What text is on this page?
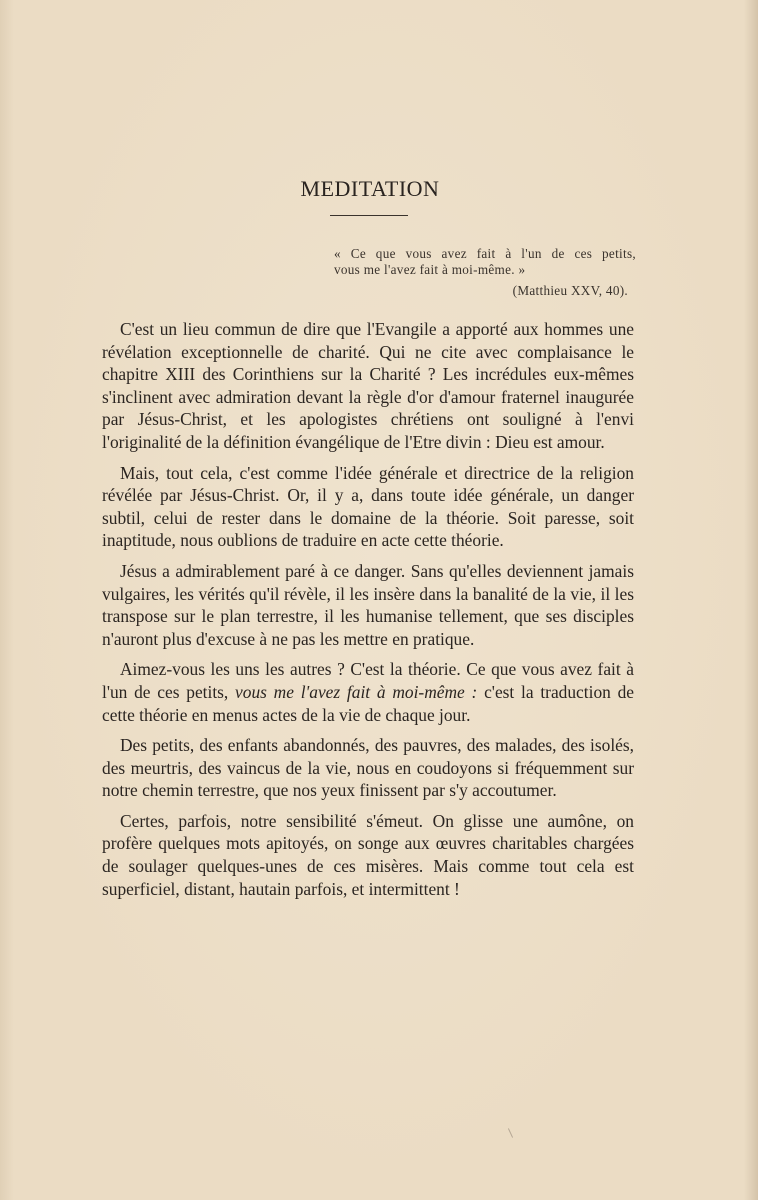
MEDITATION
« Ce que vous avez fait à l'un de ces petits,
vous me l'avez fait à moi-même. »
(Matthieu XXV, 40).

C'est un lieu commun de dire que l'Evangile a apporté aux hommes une révélation exceptionnelle de charité. Qui ne cite avec complaisance le chapitre XIII des Corinthiens sur la Charité ? Les incrédules eux-mêmes s'inclinent avec admiration devant la règle d'or d'amour fraternel inaugurée par Jésus-Christ, et les apologistes chrétiens ont souligné à l'envi l'originalité de la définition évangélique de l'Etre divin : Dieu est amour.

Mais, tout cela, c'est comme l'idée générale et directrice de la religion révélée par Jésus-Christ. Or, il y a, dans toute idée générale, un danger subtil, celui de rester dans le domaine de la théorie. Soit paresse, soit inaptitude, nous oublions de traduire en acte cette théorie.

Jésus a admirablement paré à ce danger. Sans qu'elles deviennent jamais vulgaires, les vérités qu'il révèle, il les insère dans la banalité de la vie, il les transpose sur le plan terrestre, il les humanise tellement, que ses disciples n'auront plus d'excuse à ne pas les mettre en pratique.

Aimez-vous les uns les autres ? C'est la théorie. Ce que vous avez fait à l'un de ces petits, vous me l'avez fait à moi-même : c'est la traduction de cette théorie en menus actes de la vie de chaque jour.

Des petits, des enfants abandonnés, des pauvres, des malades, des isolés, des meurtris, des vaincus de la vie, nous en coudoyons si fréquemment sur notre chemin terrestre, que nos yeux finissent par s'y accoutumer.

Certes, parfois, notre sensibilité s'émeut. On glisse une aumône, on profère quelques mots apitoyés, on songe aux œuvres charitables chargées de soulager quelques-unes de ces misères. Mais comme tout cela est superficiel, distant, hautain parfois, et intermittent !
